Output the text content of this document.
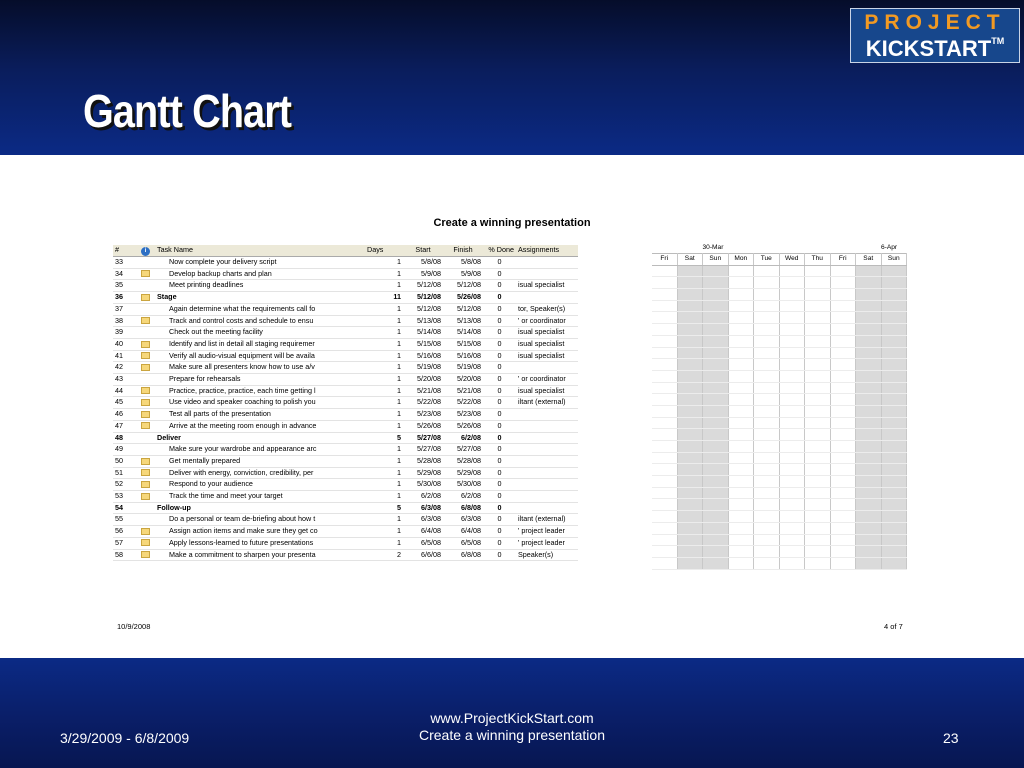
Gantt Chart
PROJECT
KICKSTART™
Create a winning presentation
#	i	Task Name	Days	Start	Finish	% Done	Assignments
33		Now complete your delivery script	1	5/8/08	5/8/08	0	
34		Develop backup charts and plan	1	5/9/08	5/9/08	0	
35		Meet printing deadlines	1	5/12/08	5/12/08	0	isual specialist
36		Stage	11	5/12/08	5/26/08	0	
37		Again determine what the requirements call fo	1	5/12/08	5/12/08	0	tor, Speaker(s)
38		Track and control costs and schedule to ensu	1	5/13/08	5/13/08	0	' or coordinator
39		Check out the meeting facility	1	5/14/08	5/14/08	0	isual specialist
40		Identify and list in detail all staging requiremer	1	5/15/08	5/15/08	0	isual specialist
41		Verify all audio-visual equipment will be availa	1	5/16/08	5/16/08	0	isual specialist
42		Make sure all presenters know how to use a/v	1	5/19/08	5/19/08	0	
43		Prepare for rehearsals	1	5/20/08	5/20/08	0	' or coordinator
44		Practice, practice, practice, each time getting l	1	5/21/08	5/21/08	0	isual specialist
45		Use video and speaker coaching to polish you	1	5/22/08	5/22/08	0	iltant (external)
46		Test all parts of the presentation	1	5/23/08	5/23/08	0	
47		Arrive at the meeting room enough in advance	1	5/26/08	5/26/08	0	
48		Deliver	5	5/27/08	6/2/08	0	
49		Make sure your wardrobe and appearance arc	1	5/27/08	5/27/08	0	
50		Get mentally prepared	1	5/28/08	5/28/08	0	
51		Deliver with energy, conviction, credibility, per	1	5/29/08	5/29/08	0	
52		Respond to your audience	1	5/30/08	5/30/08	0	
53		Track the time and meet your target	1	6/2/08	6/2/08	0	
54		Follow-up	5	6/3/08	6/8/08	0	
55		Do a personal or team de-briefing about how t	1	6/3/08	6/3/08	0	iltant (external)
56		Assign action items and make sure they get co	1	6/4/08	6/4/08	0	' project leader
57		Apply lessons-learned to future presentations	1	6/5/08	6/5/08	0	' project leader
58		Make a commitment to sharpen your presenta	2	6/6/08	6/8/08	0	Speaker(s)
		30-Mar							6-Apr
Fri	Sat	Sun	Mon	Tue	Wed	Thu	Fri	Sat	Sun

10/9/2008	4 of 7
3/29/2009 - 6/8/2009
www.ProjectKickStart.com
Create a winning presentation	23
